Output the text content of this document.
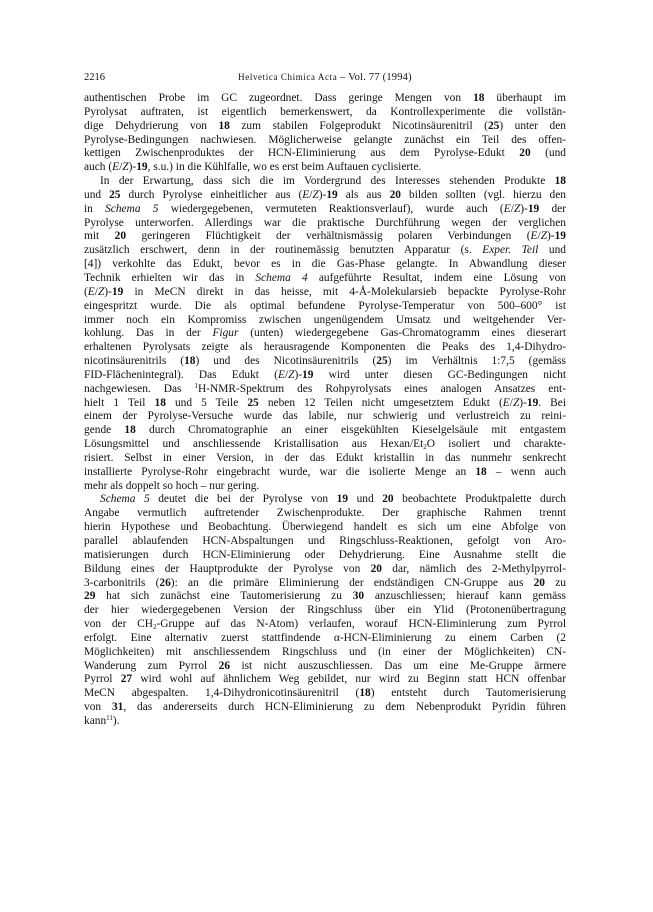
2216	Helvetica Chimica Acta – Vol. 77 (1994)
authentischen Probe im GC zugeordnet. Dass geringe Mengen von 18 überhaupt im
Pyrolysat auftraten, ist eigentlich bemerkenswert, da Kontrollexperimente die vollstän-
dige Dehydrierung von 18 zum stabilen Folgeprodukt Nicotinsäurenitril (25) unter den
Pyrolyse-Bedingungen nachwiesen. Möglicherweise gelangte zunächst ein Teil des offen-
kettigen Zwischenproduktes der HCN-Eliminierung aus dem Pyrolyse-Edukt 20 (und
auch (E/Z)-19, s.u.) in die Kühlfalle, wo es erst beim Auftauen cyclisierte.
In der Erwartung, dass sich die im Vordergrund des Interesses stehenden Produkte 18
und 25 durch Pyrolyse einheitlicher aus (E/Z)-19 als aus 20 bilden sollten (vgl. hierzu den
in Schema 5 wiedergegebenen, vermuteten Reaktionsverlauf), wurde auch (E/Z)-19 der
Pyrolyse unterworfen. Allerdings war die praktische Durchführung wegen der verglichen
mit 20 geringeren Flüchtigkeit der verhältnismässig polaren Verbindungen (E/Z)-19
zusätzlich erschwert, denn in der routinemässig benutzten Apparatur (s. Exper. Teil und
[4]) verkohlte das Edukt, bevor es in die Gas-Phase gelangte. In Abwandlung dieser
Technik erhielten wir das in Schema 4 aufgeführte Resultat, indem eine Lösung von
(E/Z)-19 in MeCN direkt in das heisse, mit 4-Å-Molekularsieb bepackte Pyrolyse-Rohr
eingespritzt wurde. Die als optimal befundene Pyrolyse-Temperatur von 500–600° ist
immer noch ein Kompromiss zwischen ungenügendem Umsatz und weitgehender Ver-
kohlung. Das in der Figur (unten) wiedergegebene Gas-Chromatogramm eines dieserart
erhaltenen Pyrolysats zeigte als herausragende Komponenten die Peaks des 1,4-Dihydro-
nicotinsäurenitrils (18) und des Nicotinsäurenitrils (25) im Verhältnis 1:7,5 (gemäss
FID-Flächenintegral). Das Edukt (E/Z)-19 wird unter diesen GC-Bedingungen nicht
nachgewiesen. Das $^1$H-NMR-Spektrum des Rohpyrolysats eines analogen Ansatzes ent-
hielt 1 Teil 18 und 5 Teile 25 neben 12 Teilen nicht umgesetztem Edukt (E/Z)-19. Bei
einem der Pyrolyse-Versuche wurde das labile, nur schwierig und verlustreich zu reini-
gende 18 durch Chromatographie an einer eisgekühlten Kieselgelsäule mit entgastem
Lösungsmittel und anschliessende Kristallisation aus Hexan/$Et_2O$ isoliert und charakte-
risiert. Selbst in einer Version, in der das Edukt kristallin in das nunmehr senkrecht
installierte Pyrolyse-Rohr eingebracht wurde, war die isolierte Menge an 18 – wenn auch
mehr als doppelt so hoch – nur gering.
Schema 5 deutet die bei der Pyrolyse von 19 und 20 beobachtete Produktpalette durch
Angabe vermutlich auftretender Zwischenprodukte. Der graphische Rahmen trennt
hierin Hypothese und Beobachtung. Überwiegend handelt es sich um eine Abfolge von
parallel ablaufenden HCN-Abspaltungen und Ringschluss-Reaktionen, gefolgt von Aro-
matisierungen durch HCN-Eliminierung oder Dehydrierung. Eine Ausnahme stellt die
Bildung eines der Hauptprodukte der Pyrolyse von 20 dar, nämlich des 2-Methylpyrrol-
3-carbonitrils (26): an die primäre Eliminierung der endständigen CN-Gruppe aus 20 zu
29 hat sich zunächst eine Tautomerisierung zu 30 anzuschliessen; hierauf kann gemäss
der hier wiedergegebenen Version der Ringschluss über ein Ylid (Protonenübertragung
von der $CH_2$-Gruppe auf das N-Atom) verlaufen, worauf HCN-Eliminierung zum Pyrrol
erfolgt. Eine alternativ zuerst stattfindende α-HCN-Eliminierung zu einem Carben (2
Möglichkeiten) mit anschliessendem Ringschluss und (in einer der Möglichkeiten) CN-
Wanderung zum Pyrrol 26 ist nicht auszuschliessen. Das um eine Me-Gruppe ärmere
Pyrrol 27 wird wohl auf ähnlichem Weg gebildet, nur wird zu Beginn statt HCN offenbar
MeCN abgespalten. 1,4-Dihydronicotinsäurenitril (18) entsteht durch Tautomerisierung
von 31, das andererseits durch HCN-Eliminierung zu dem Nebenprodukt Pyridin führen
kann$^{11}$).
